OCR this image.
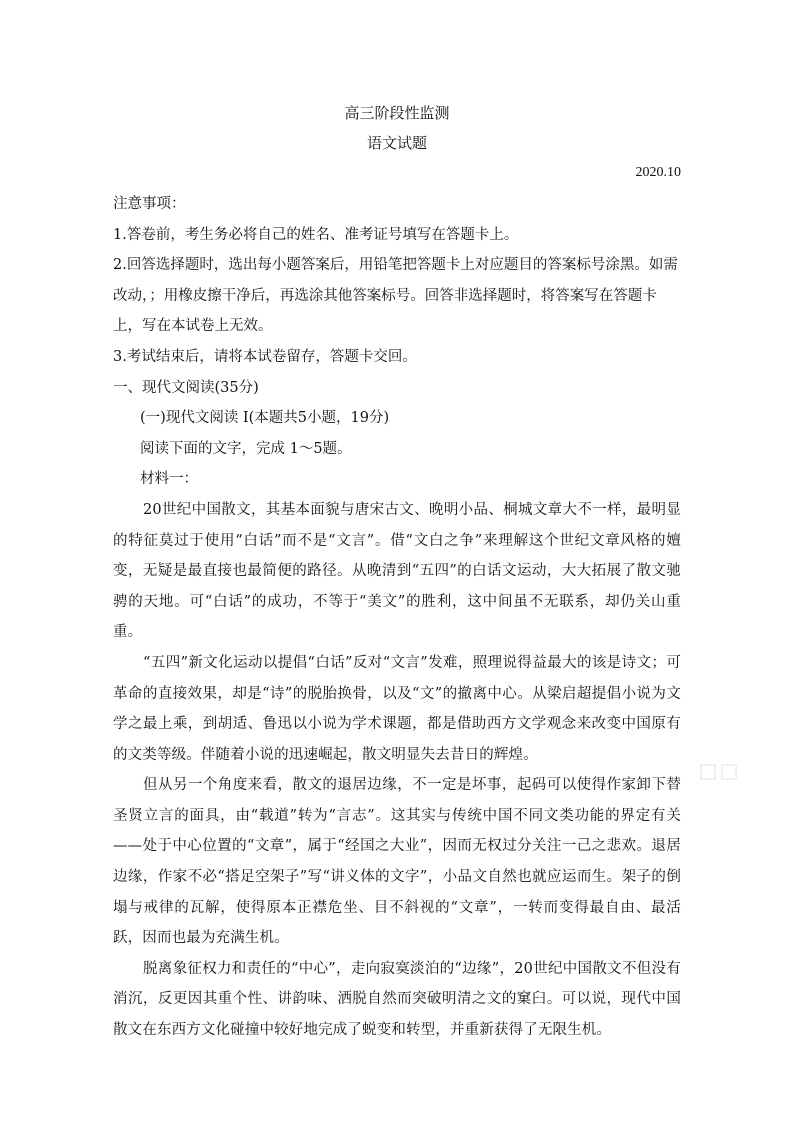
高三阶段性监测

语文试题

2020.10

注意事项：

1.答卷前，考生务必将自己的姓名、准考证号填写在答题卡上。

2.回答选择题时，选出每小题答案后，用铅笔把答题卡上对应题目的答案标号涂黑。如需改动，；用橡皮擦干净后，再选涂其他答案标号。回答非选择题时，将答案写在答题卡上，写在本试卷上无效。

3.考试结束后，请将本试卷留存，答题卡交回。

一、现代文阅读(35分)

(一)现代文阅读 I(本题共5小题，19分)

阅读下面的文字，完成 1～5题。

材料一：

20世纪中国散文，其基本面貌与唐宋古文、晚明小品、桐城文章大不一样，最明显的特征莫过于使用“白话”而不是“文言”。借“文白之争”来理解这个世纪文章风格的嬗变，无疑是最直接也最简便的路径。从晚清到“五四”的白话文运动，大大拓展了散文驰骋的天地。可“白话”的成功，不等于“美文”的胜利，这中间虽不无联系，却仍关山重重。

“五四”新文化运动以提倡“白话”反对“文言”发难，照理说得益最大的该是诗文；可革命的直接效果，却是“诗”的脱胎换骨，以及“文”的撤离中心。从梁启超提倡小说为文学之最上乘，到胡适、鲁迅以小说为学术课题，都是借助西方文学观念来改变中国原有的文类等级。伴随着小说的迅速崛起，散文明显失去昔日的辉煌。

但从另一个角度来看，散文的退居边缘，不一定是坏事，起码可以使得作家卸下替圣贤立言的面具，由“载道”转为“言志”。这其实与传统中国不同文类功能的界定有关——处于中心位置的“文章”，属于“经国之大业”，因而无权过分关注一己之悲欢。退居边缘，作家不必“搭足空架子”写“讲义体的文字”，小品文自然也就应运而生。架子的倒塌与戒律的瓦解，使得原本正襟危坐、目不斜视的“文章”，一转而变得最自由、最活跃，因而也最为充满生机。

脱离象征权力和责任的“中心”，走向寂寞淡泊的“边缘”，20世纪中国散文不但没有消沉，反更因其重个性、讲韵味、洒脱自然而突破明清之文的窠臼。可以说，现代中国散文在东西方文化碰撞中较好地完成了蜕变和转型，并重新获得了无限生机。
